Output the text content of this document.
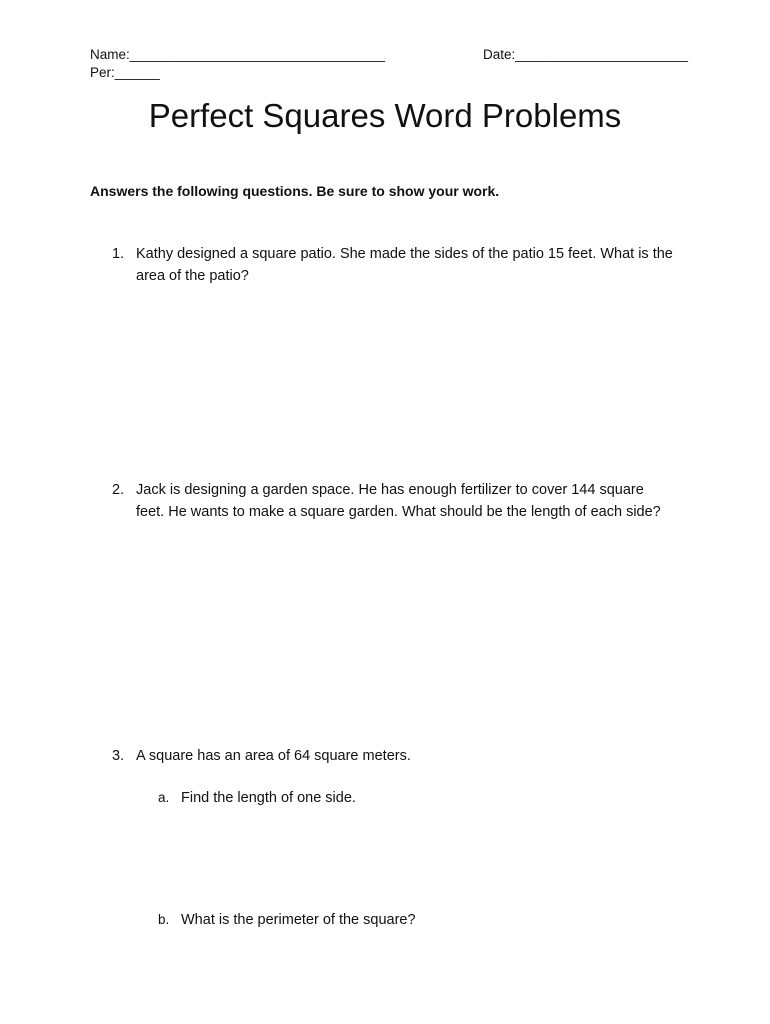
Name:__________________________________	Date:_______________________
Per:______
Perfect Squares Word Problems
Answers the following questions. Be sure to show your work.
1. Kathy designed a square patio. She made the sides of the patio 15 feet. What is the area of the patio?
2. Jack is designing a garden space. He has enough fertilizer to cover 144 square feet. He wants to make a square garden. What should be the length of each side?
3. A square has an area of 64 square meters.
a. Find the length of one side.
b. What is the perimeter of the square?
